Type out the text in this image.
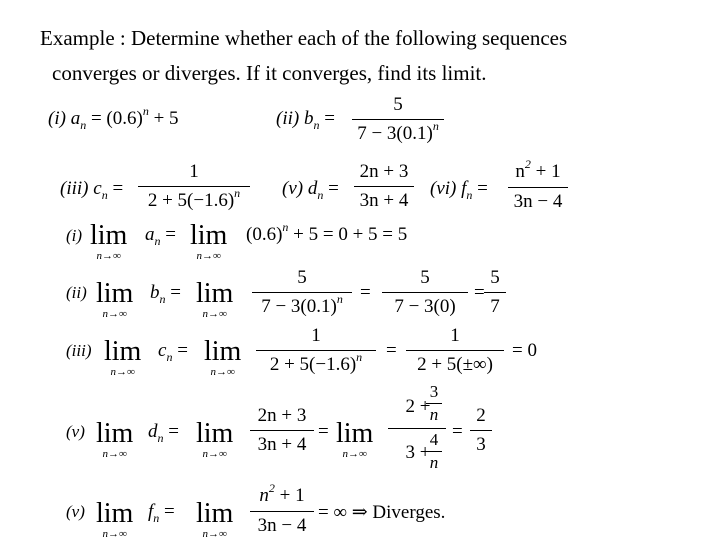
Example : Determine whether each of the following sequences
converges or diverges. If it converges, find its limit.
(i) $a_n = (0.6)^n + 5$	(ii) $b_n$ =
5
$7 - 3(0.1)^n$
(iii) $c_n$ =
1
$2 + 5(-1.6)^n$	(v) $d_n$ =
2n + 3
3n + 4
(vi) $f_n$ =
$n^2 + 1$
3n − 4
(i) lim
n→∞
$a_n = \lim$
n→∞
$(0.6)^n + 5 = 0 + 5 = 5$
(ii) lim
n→∞
$b_n = \lim$
n→∞
5
$7 - 3(0.1)^n$ =
5
7 − 3(0)
=
5
7
(iii) lim
n→∞
$c_n = \lim$
n→∞
1
$2 + 5(-1.6)^n$	=
1
2 + 5(±∞)
= 0
(v) lim
n→∞
$d_n = \lim$
n→∞
2n + 3
3n + 4
= lim
n→∞
2 +
3
n
3 +
4
n
=
2
3
(v) lim
n→∞
$f_n = \lim$
n→∞
$n^2 + 1$
3n − 4
= ∞ ⇒ Diverges.
